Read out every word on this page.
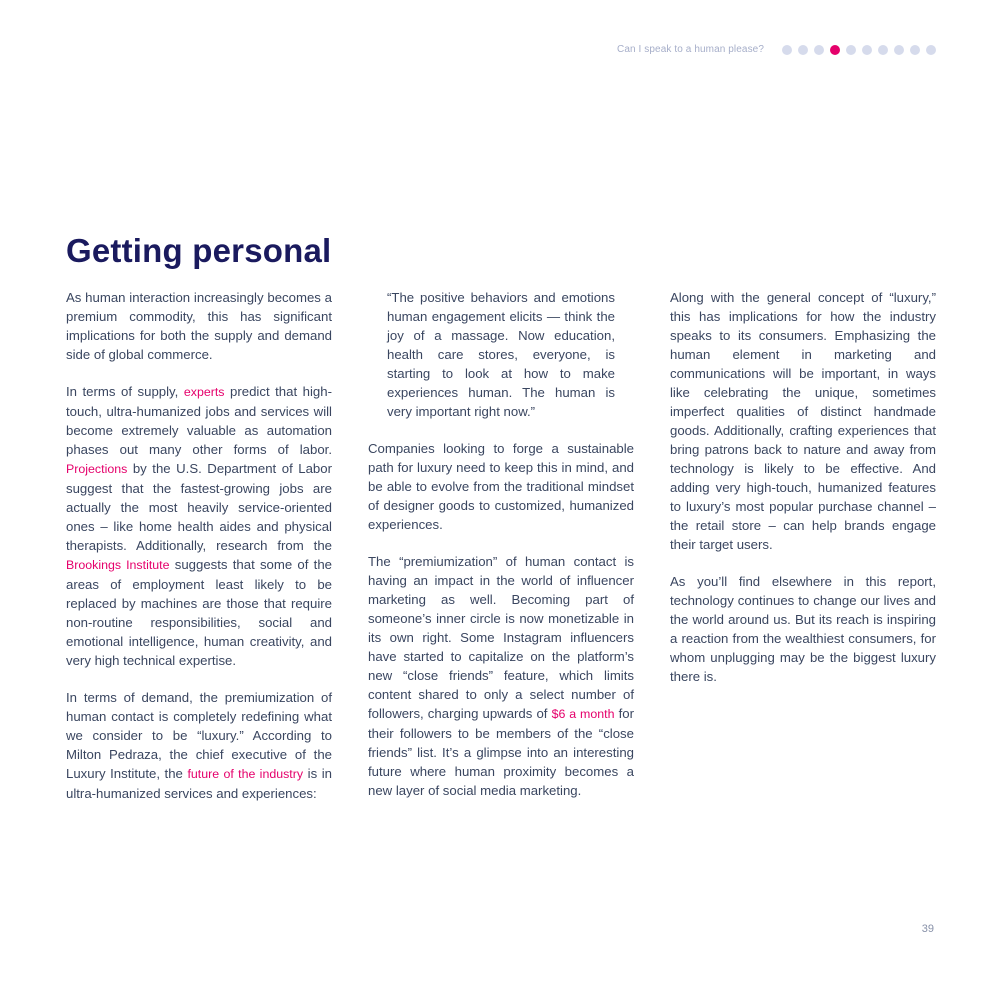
Can I speak to a human please?
Getting personal

As human interaction increasingly becomes a premium commodity, this has significant implications for both the supply and demand side of global commerce.

In terms of supply, experts predict that high-touch, ultra-humanized jobs and services will become extremely valuable as automation phases out many other forms of labor. Projections by the U.S. Department of Labor suggest that the fastest-growing jobs are actually the most heavily service-oriented ones – like home health aides and physical therapists. Additionally, research from the Brookings Institute suggests that some of the areas of employment least likely to be replaced by machines are those that require non-routine responsibilities, social and emotional intelligence, human creativity, and very high technical expertise.

In terms of demand, the premiumization of human contact is completely redefining what we consider to be “luxury.” According to Milton Pedraza, the chief executive of the Luxury Institute, the future of the industry is in ultra-humanized services and experiences:

“The positive behaviors and emotions human engagement elicits — think the joy of a massage. Now education, health care stores, everyone, is starting to look at how to make experiences human. The human is very important right now.”

Companies looking to forge a sustainable path for luxury need to keep this in mind, and be able to evolve from the traditional mindset of designer goods to customized, humanized experiences.

The “premiumization” of human contact is having an impact in the world of influencer marketing as well. Becoming part of someone’s inner circle is now monetizable in its own right. Some Instagram influencers have started to capitalize on the platform’s new “close friends” feature, which limits content shared to only a select number of followers, charging upwards of $6 a month for their followers to be members of the “close friends” list. It’s a glimpse into an interesting future where human proximity becomes a new layer of social media marketing.

Along with the general concept of “luxury,” this has implications for how the industry speaks to its consumers. Emphasizing the human element in marketing and communications will be important, in ways like celebrating the unique, sometimes imperfect qualities of distinct handmade goods. Additionally, crafting experiences that bring patrons back to nature and away from technology is likely to be effective. And adding very high-touch, humanized features to luxury’s most popular purchase channel – the retail store – can help brands engage their target users.

As you’ll find elsewhere in this report, technology continues to change our lives and the world around us. But its reach is inspiring a reaction from the wealthiest consumers, for whom unplugging may be the biggest luxury there is.

39
